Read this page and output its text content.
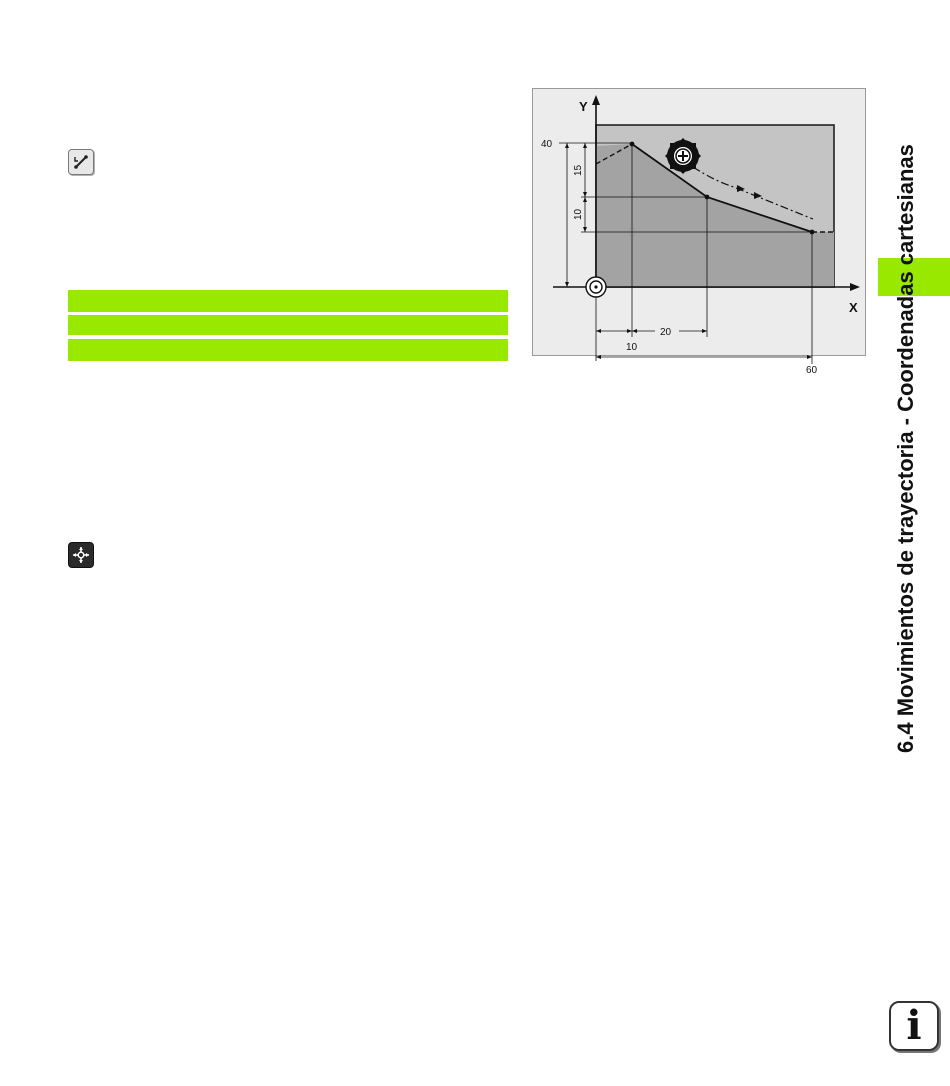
Y
X
40
15
10
20
10
60	6.4 Movimientos de trayectoria - Coordenadas cartesianas
i
